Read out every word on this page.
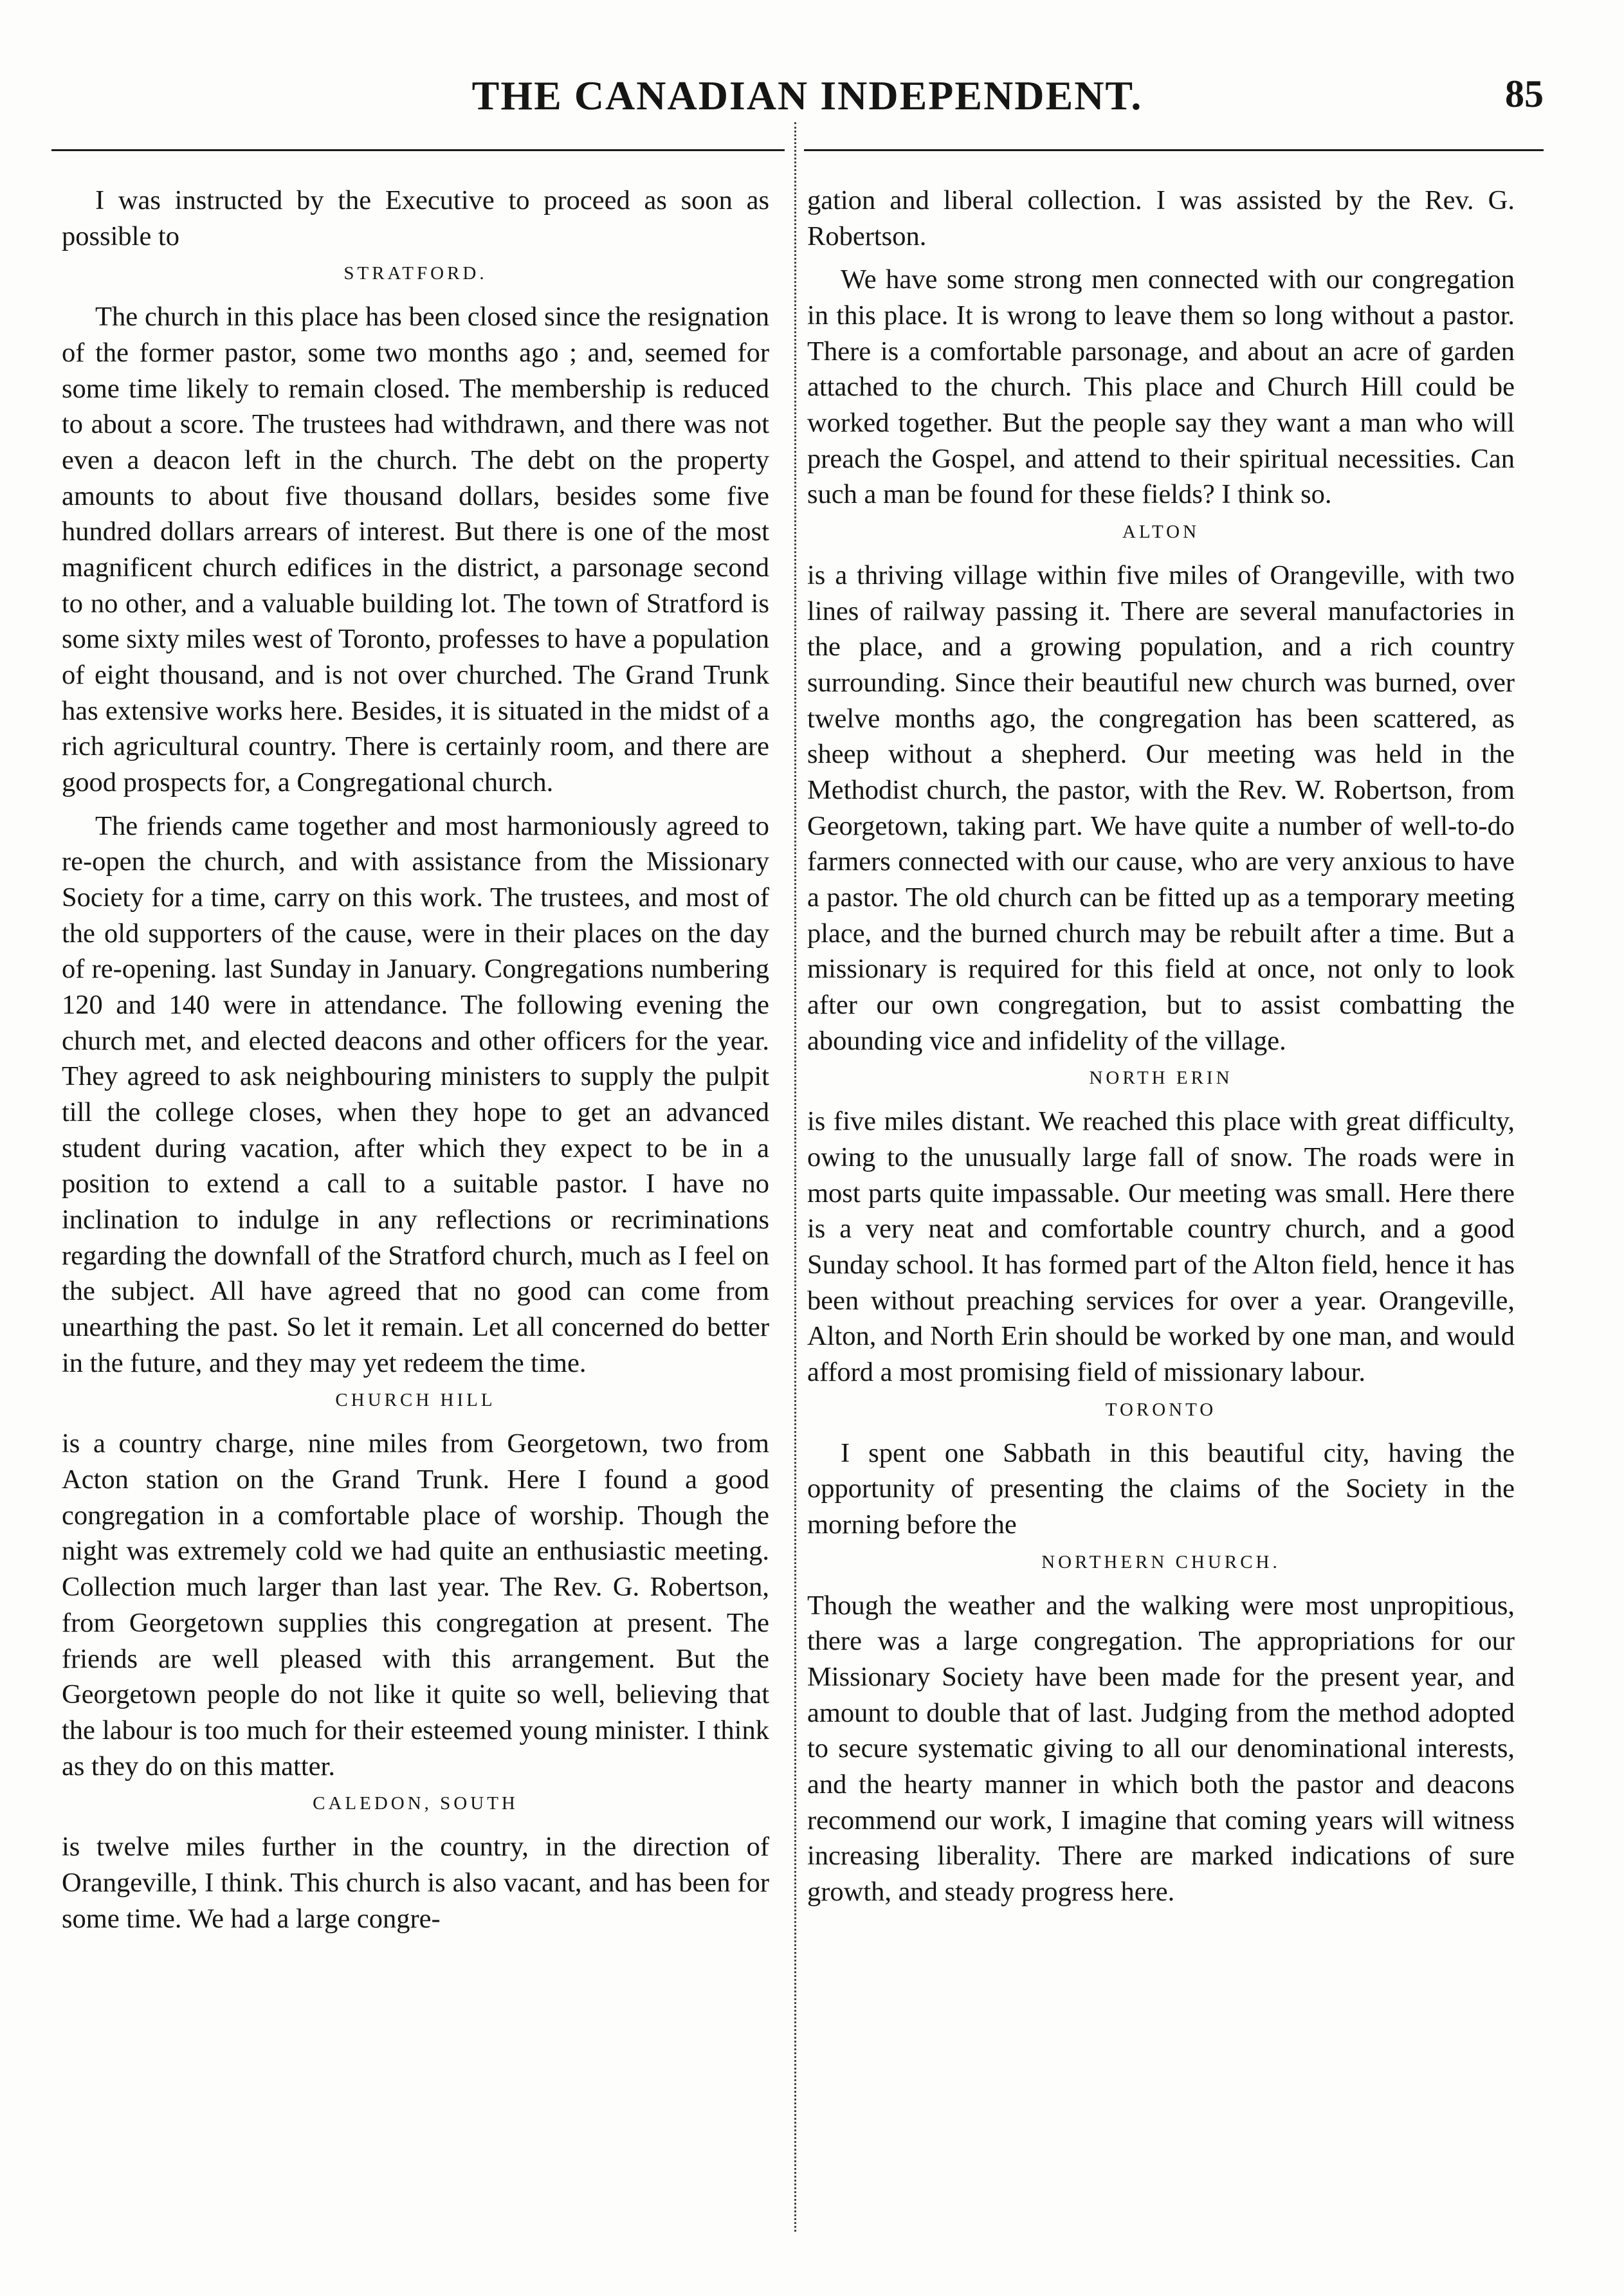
THE CANADIAN INDEPENDENT.	85

I was instructed by the Executive to proceed as soon as possible to

STRATFORD.

The church in this place has been closed since the resignation of the former pastor, some two months ago ; and, seemed for some time likely to remain closed. The membership is reduced to about a score. The trustees had withdrawn, and there was not even a deacon left in the church. The debt on the property amounts to about five thousand dollars, besides some five hundred dollars arrears of interest. But there is one of the most magnificent church edifices in the district, a parsonage second to no other, and a valuable building lot. The town of Stratford is some sixty miles west of Toronto, professes to have a population of eight thousand, and is not over churched. The Grand Trunk has extensive works here. Besides, it is situated in the midst of a rich agricultural country. There is certainly room, and there are good prospects for, a Congregational church.

The friends came together and most harmoniously agreed to re-open the church, and with assistance from the Missionary Society for a time, carry on this work. The trustees, and most of the old supporters of the cause, were in their places on the day of re-opening. last Sunday in January. Congregations numbering 120 and 140 were in attendance. The following evening the church met, and elected deacons and other officers for the year. They agreed to ask neighbouring ministers to supply the pulpit till the college closes, when they hope to get an advanced student during vacation, after which they expect to be in a position to extend a call to a suitable pastor. I have no inclination to indulge in any reflections or recriminations regarding the downfall of the Stratford church, much as I feel on the subject. All have agreed that no good can come from unearthing the past. So let it remain. Let all concerned do better in the future, and they may yet redeem the time.

CHURCH HILL

is a country charge, nine miles from Georgetown, two from Acton station on the Grand Trunk. Here I found a good congregation in a comfortable place of worship. Though the night was extremely cold we had quite an enthusiastic meeting. Collection much larger than last year. The Rev. G. Robertson, from Georgetown supplies this congregation at present. The friends are well pleased with this arrangement. But the Georgetown people do not like it quite so well, believing that the labour is too much for their esteemed young minister. I think as they do on this matter.

CALEDON, SOUTH

is twelve miles further in the country, in the direction of Orangeville, I think. This church is also vacant, and has been for some time. We had a large congre-

gation and liberal collection. I was assisted by the Rev. G. Robertson.

We have some strong men connected with our congregation in this place. It is wrong to leave them so long without a pastor. There is a comfortable parsonage, and about an acre of garden attached to the church. This place and Church Hill could be worked together. But the people say they want a man who will preach the Gospel, and attend to their spiritual necessities. Can such a man be found for these fields? I think so.

ALTON

is a thriving village within five miles of Orangeville, with two lines of railway passing it. There are several manufactories in the place, and a growing population, and a rich country surrounding. Since their beautiful new church was burned, over twelve months ago, the congregation has been scattered, as sheep without a shepherd. Our meeting was held in the Methodist church, the pastor, with the Rev. W. Robertson, from Georgetown, taking part. We have quite a number of well-to-do farmers connected with our cause, who are very anxious to have a pastor. The old church can be fitted up as a temporary meeting place, and the burned church may be rebuilt after a time. But a missionary is required for this field at once, not only to look after our own congregation, but to assist combatting the abounding vice and infidelity of the village.

NORTH ERIN

is five miles distant. We reached this place with great difficulty, owing to the unusually large fall of snow. The roads were in most parts quite impassable. Our meeting was small. Here there is a very neat and comfortable country church, and a good Sunday school. It has formed part of the Alton field, hence it has been without preaching services for over a year. Orangeville, Alton, and North Erin should be worked by one man, and would afford a most promising field of missionary labour.

TORONTO

I spent one Sabbath in this beautiful city, having the opportunity of presenting the claims of the Society in the morning before the

NORTHERN CHURCH.

Though the weather and the walking were most unpropitious, there was a large congregation. The appropriations for our Missionary Society have been made for the present year, and amount to double that of last. Judging from the method adopted to secure systematic giving to all our denominational interests, and the hearty manner in which both the pastor and deacons recommend our work, I imagine that coming years will witness increasing liberality. There are marked indications of sure growth, and steady progress here.
